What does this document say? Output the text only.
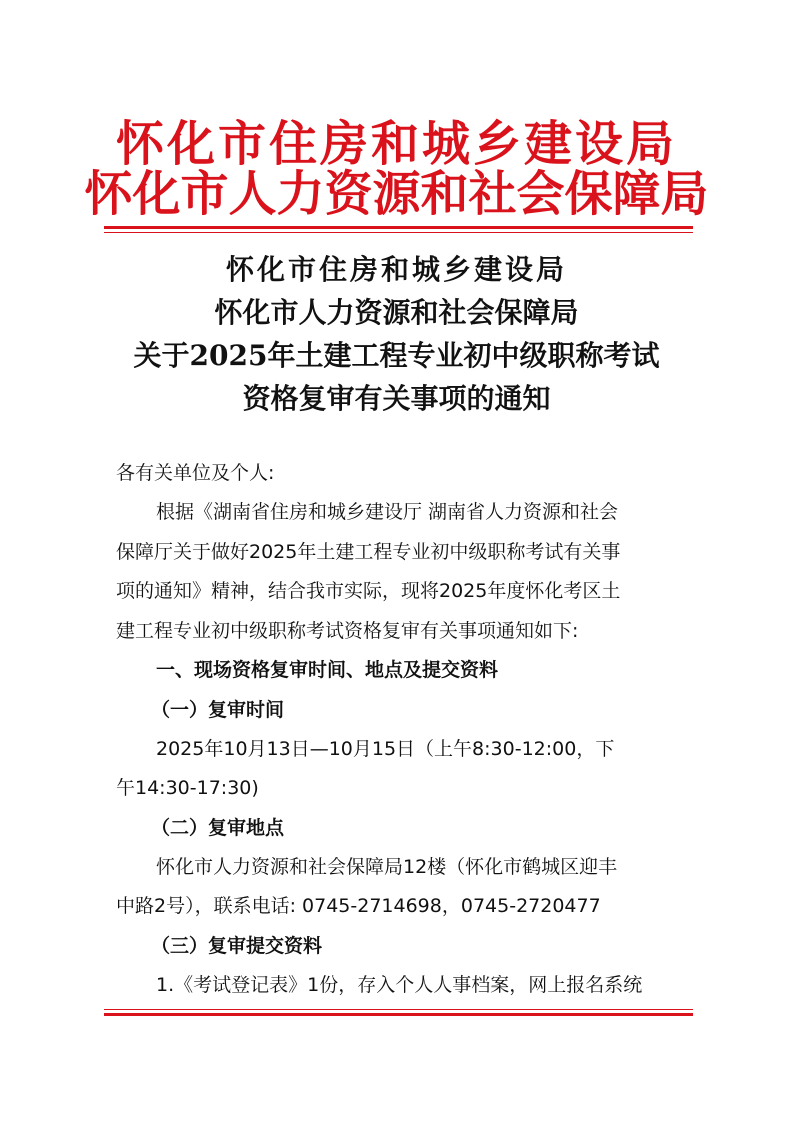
怀化市住房和城乡建设局
怀化市人力资源和社会保障局
怀化市住房和城乡建设局
怀化市人力资源和社会保障局
关于2025年土建工程专业初中级职称考试
资格复审有关事项的通知
各有关单位及个人:
根据《湖南省住房和城乡建设厅 湖南省人力资源和社会
保障厅关于做好2025年土建工程专业初中级职称考试有关事
项的通知》精神，结合我市实际，现将2025年度怀化考区土
建工程专业初中级职称考试资格复审有关事项通知如下:
一、现场资格复审时间、地点及提交资料
（一）复审时间
2025年10月13日—10月15日（上午8:30-12:00，下
午14:30-17:30)
（二）复审地点
怀化市人力资源和社会保障局12楼（怀化市鹤城区迎丰
中路2号），联系电话: 0745-2714698，0745-2720477
（三）复审提交资料
1.《考试登记表》1份，存入个人人事档案，网上报名系统
